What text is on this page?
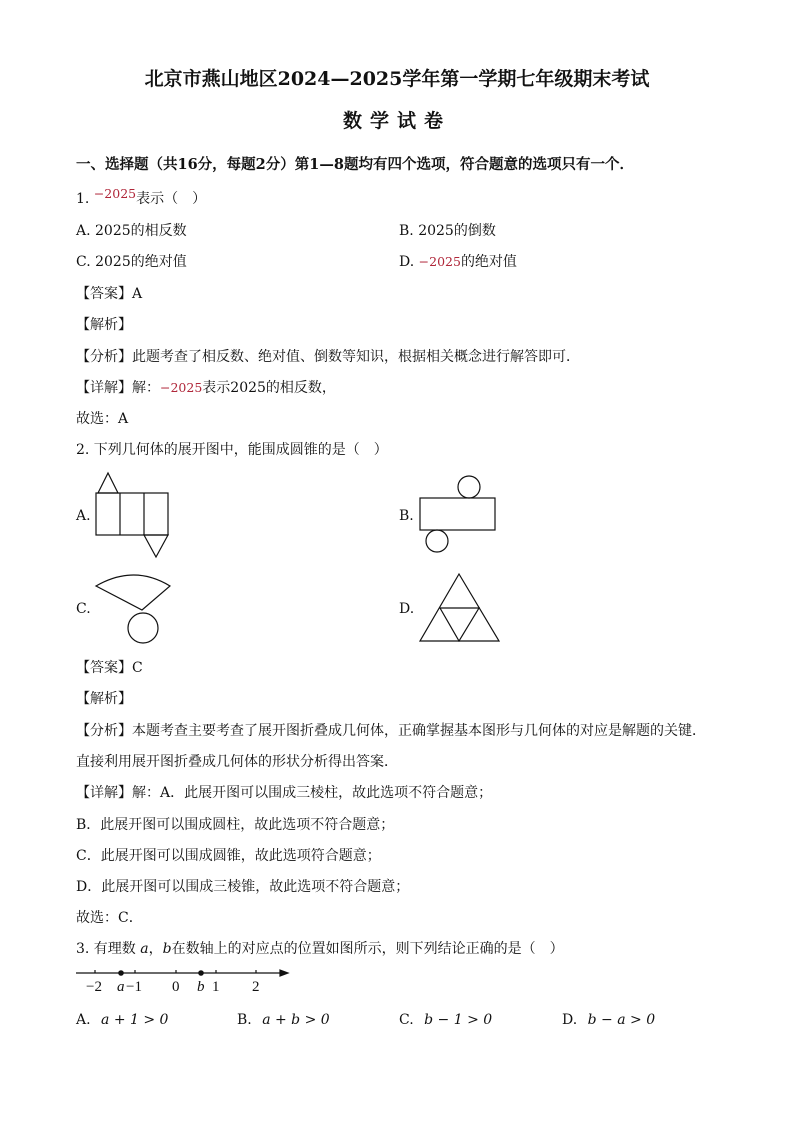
北京市燕山地区2024—2025学年第一学期七年级期末考试
数学试卷
一、选择题（共16分，每题2分）第1—8题均有四个选项，符合题意的选项只有一个．
1. −2025表示（　）
A. 2025的相反数	B. 2025的倒数
C. 2025的绝对值	D. −2025的绝对值
【答案】A
【解析】
【分析】此题考查了相反数、绝对值、倒数等知识，根据相关概念进行解答即可．
【详解】解：−2025表示2025的相反数，
故选：A
2. 下列几何体的展开图中，能围成圆锥的是（　）
A.	B.
C.	D.
【答案】C
【解析】
【分析】本题考查主要考查了展开图折叠成几何体，正确掌握基本图形与几何体的对应是解题的关键．
直接利用展开图折叠成几何体的形状分析得出答案．
【详解】解：A．此展开图可以围成三棱柱，故此选项不符合题意；
B．此展开图可以围成圆柱，故此选项不符合题意；
C．此展开图可以围成圆锥，故此选项符合题意；
D．此展开图可以围成三棱锥，故此选项不符合题意；
故选：C．
3. 有理数 a，b在数轴上的对应点的位置如图所示，则下列结论正确的是（　）
−2 a −1 0 b 1 2
A. a + 1 > 0	B. a + b > 0	C. b − 1 > 0	D. b − a > 0
